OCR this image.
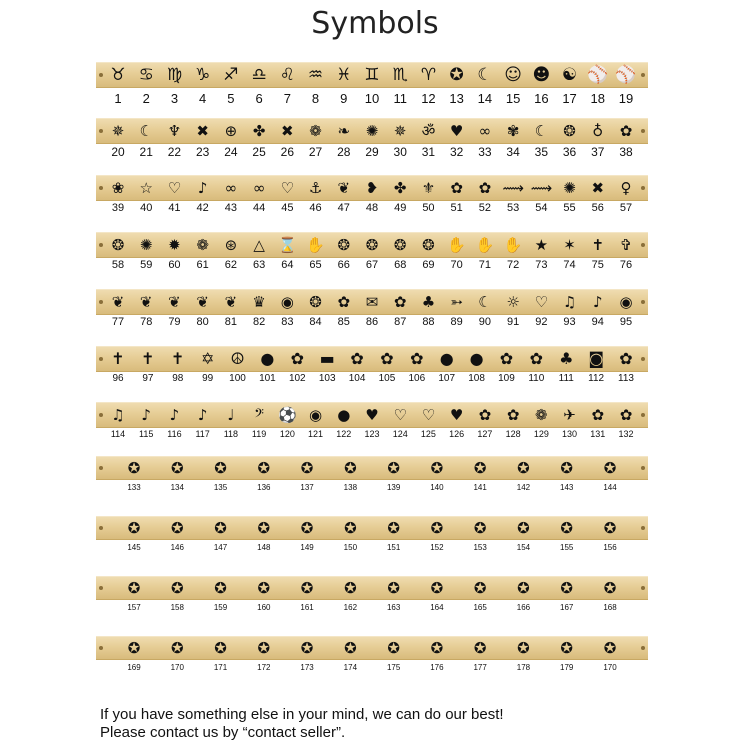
Symbols
♉
1
♋
2
♍
3
♑
4
♐
5
♎
6
♌
7
♒
8
♓
9
♊
10
♏
11
♈
12
✪
13
☾
14
☺
15
☻
16
☯
17
⚾
18
⚾
19
✵
20
☾
21
♆
22
✖
23
⊕
24
✤
25
✖
26
❁
27
❧
28
✺
29
✵
30
ॐ
31
♥
32
∞
33
✾
34
☾
35
❂
36
♁
37
✿
38
❀
39
☆
40
♡
41
♪
42
∞
43
∞
44
♡
45
⚓
46
❦
47
❥
48
✤
49
⚜
50
✿
51
✿
52
⟿
53
⟿
54
✺
55
✖
56
♀
57
❂
58
✺
59
✹
60
❁
61
⊛
62
△
63
⌛
64
✋
65
❂
66
❂
67
❂
68
❂
69
✋
70
✋
71
✋
72
★
73
✶
74
✝
75
✞
76
❦
77
❦
78
❦
79
❦
80
❦
81
♛
82
◉
83
❂
84
✿
85
✉
86
✿
87
♣
88
➳
89
☾
90
☼
91
♡
92
♫
93
♪
94
◉
95
✝
96
✝
97
✝
98
✡
99
☮
100
●
101
✿
102
▬
103
✿
104
✿
105
✿
106
●
107
●
108
✿
109
✿
110
♣
111
◙
112
✿
113
♫
114
♪
115
♪
116
♪
117
♩
118
𝄢
119
⚽
120
◉
121
●
122
♥
123
♡
124
♡
125
♥
126
✿
127
✿
128
❁
129
✈
130
✿
131
✿
132
✪
133
✪
134
✪
135
✪
136
✪
137
✪
138
✪
139
✪
140
✪
141
✪
142
✪
143
✪
144
✪
145
✪
146
✪
147
✪
148
✪
149
✪
150
✪
151
✪
152
✪
153
✪
154
✪
155
✪
156
✪
157
✪
158
✪
159
✪
160
✪
161
✪
162
✪
163
✪
164
✪
165
✪
166
✪
167
✪
168
✪
169
✪
170
✪
171
✪
172
✪
173
✪
174
✪
175
✪
176
✪
177
✪
178
✪
179
✪
170
If you have something else in your mind, we can do our best!
Please contact us by “contact seller”.
